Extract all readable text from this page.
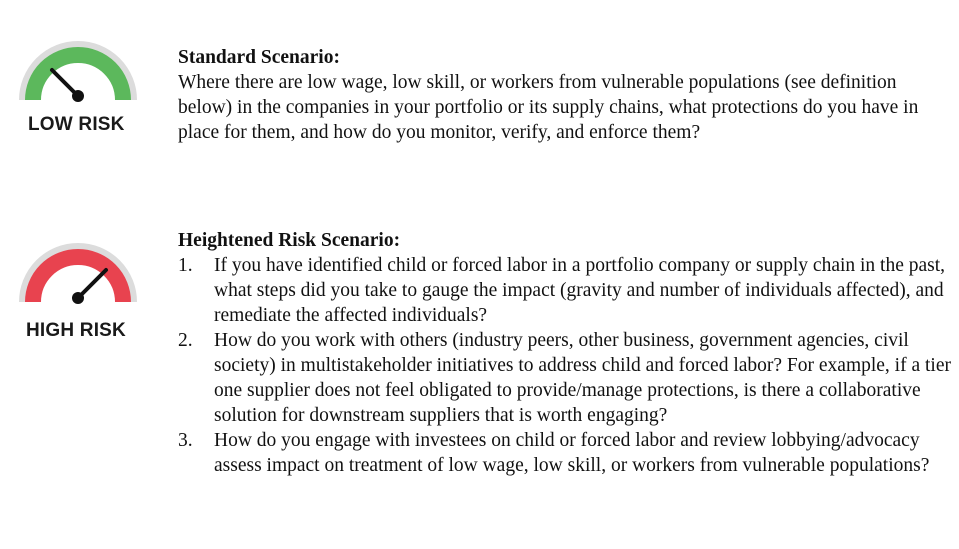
LOW RISK

Standard Scenario:

Where there are low wage, low skill, or workers from vulnerable populations (see definition below) in the companies in your portfolio or its supply chains, what protections do you have in place for them, and how do you monitor, verify, and enforce them?

HIGH RISK

Heightened Risk Scenario:

1.	If you have identified child or forced labor in a portfolio company or supply chain in the past, what steps did you take to gauge the impact (gravity and number of individuals affected), and remediate the affected individuals?
2.	How do you work with others (industry peers, other business, government agencies, civil society) in multistakeholder initiatives to address child and forced labor? For example, if a tier one supplier does not feel obligated to provide/manage protections, is there a collaborative solution for downstream suppliers that is worth engaging?
3.	How do you engage with investees on child or forced labor and review lobbying/advocacy assess impact on treatment of low wage, low skill, or workers from vulnerable populations?
